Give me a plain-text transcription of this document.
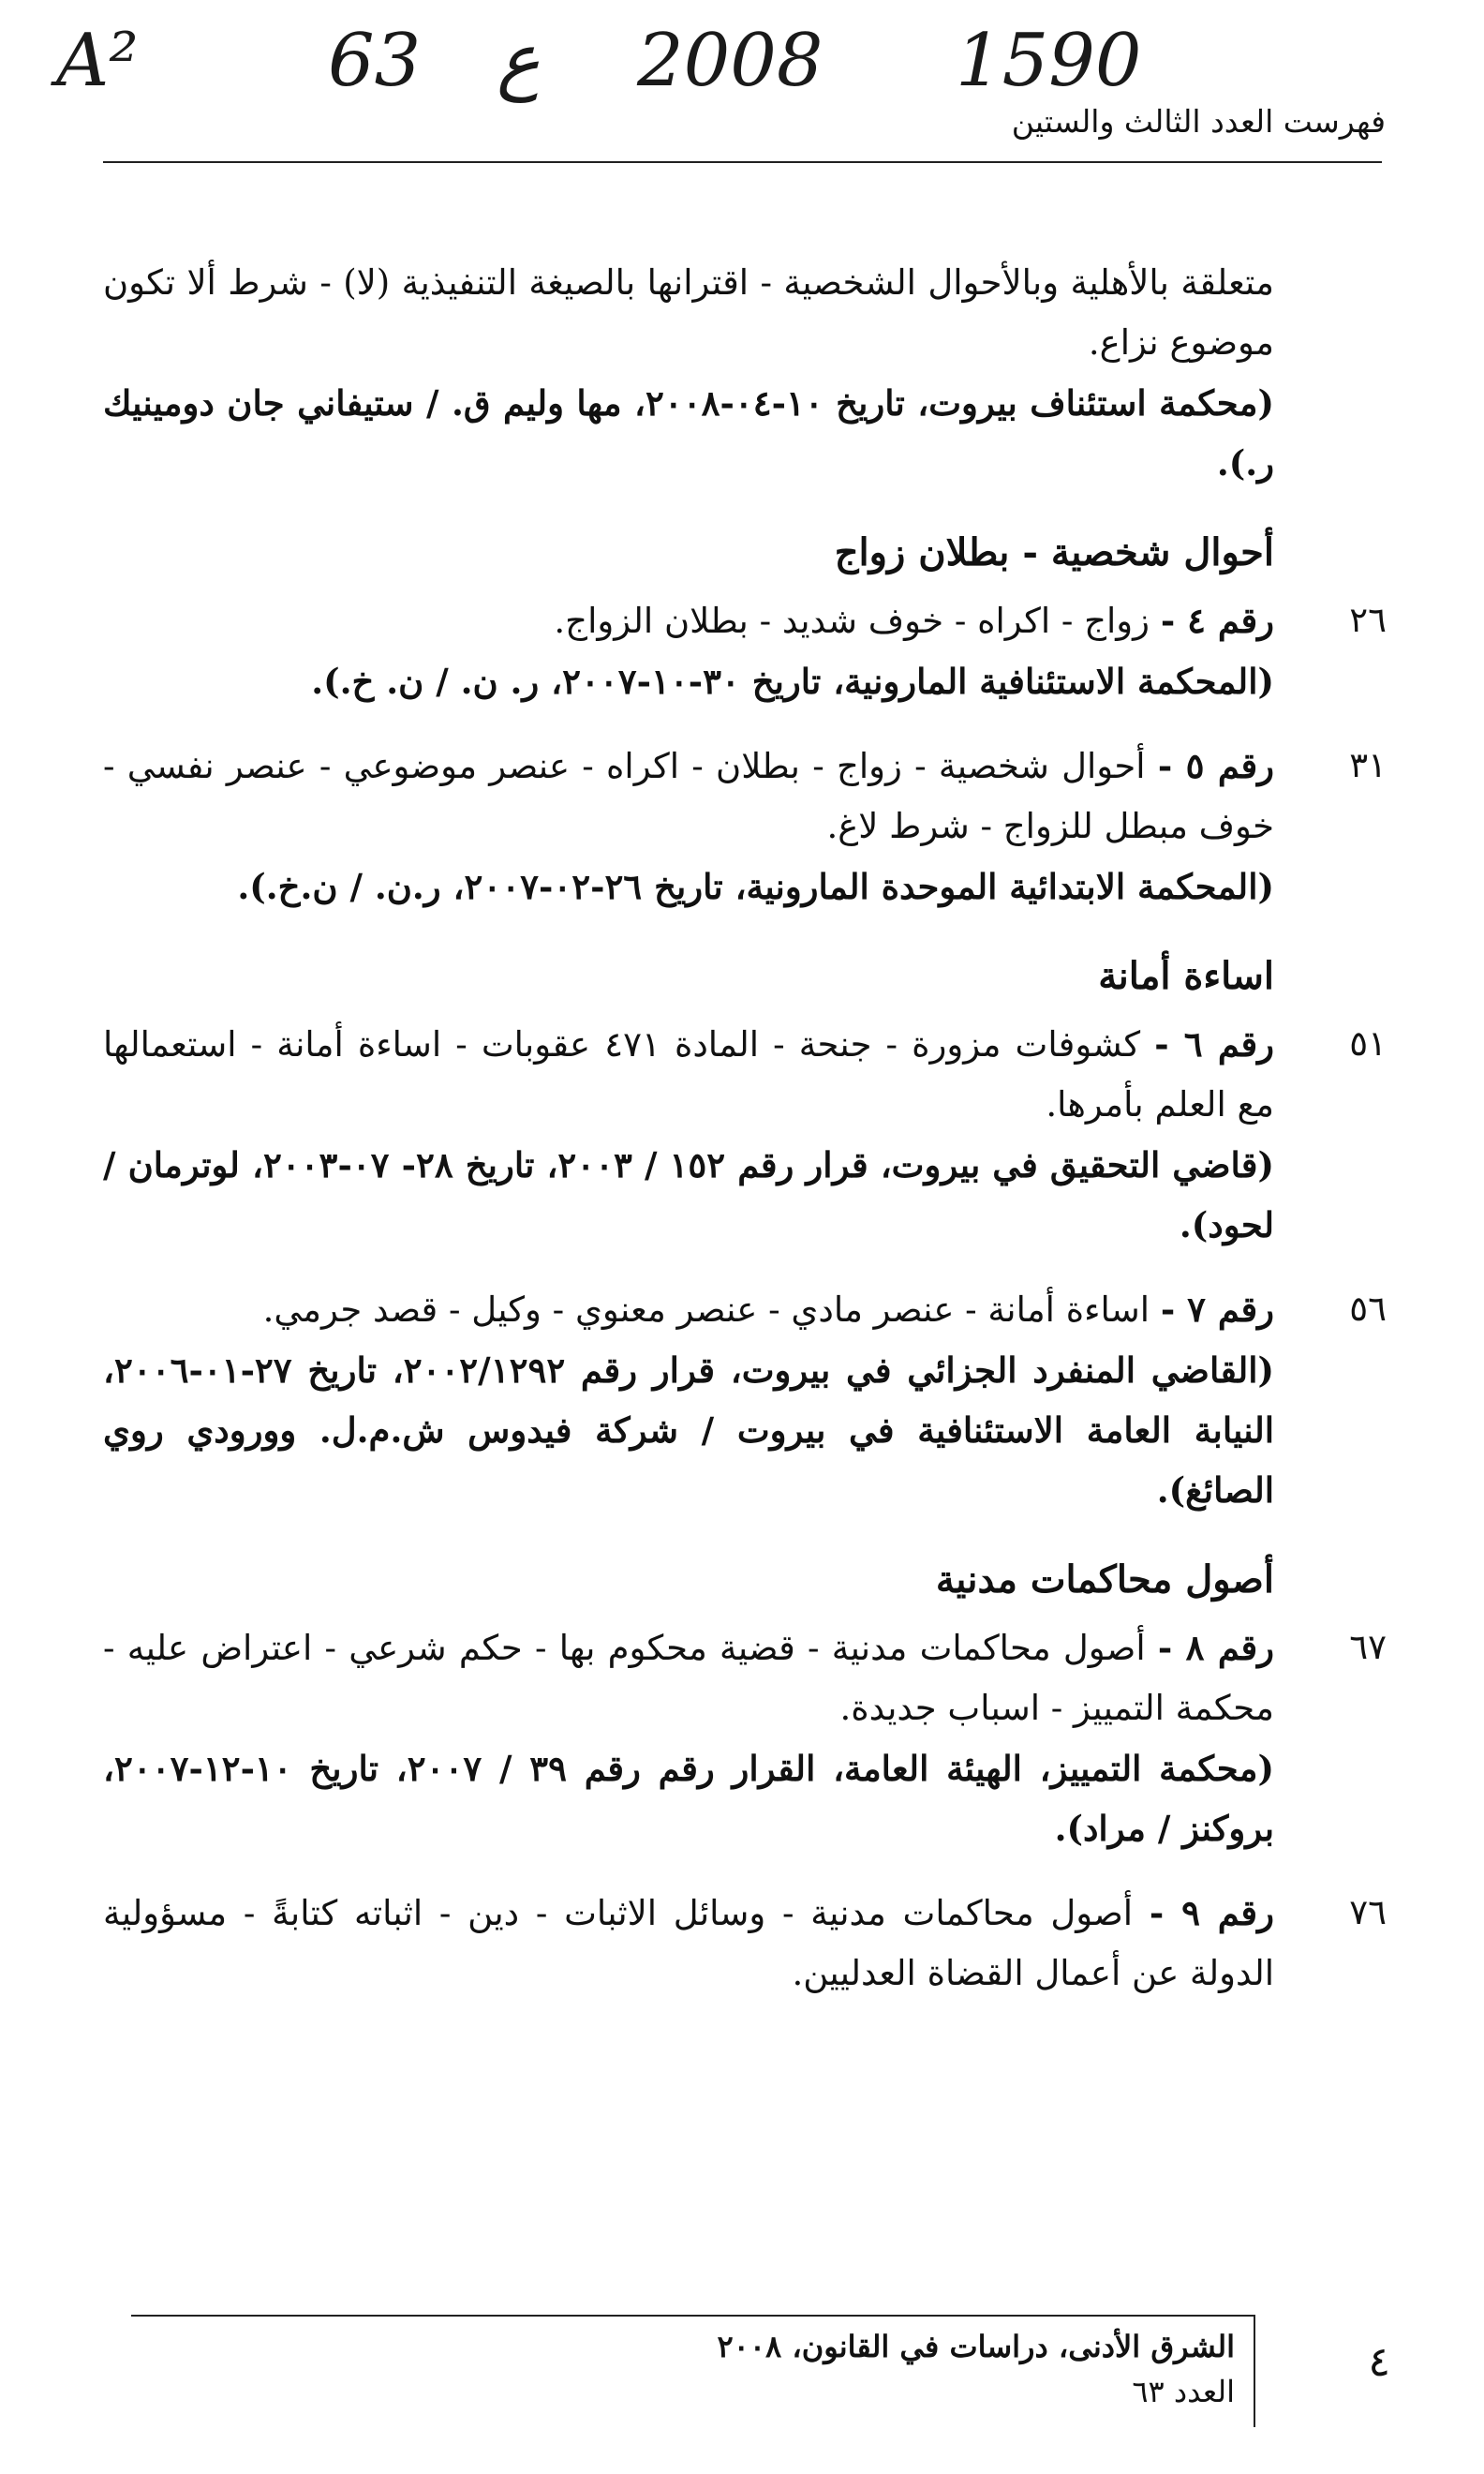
A²	63 ع 2008 1590
فهرست العدد الثالث والستين
متعلقة بالأهلية وبالأحوال الشخصية - اقترانها بالصيغة التنفيذية (لا) - شرط ألا تكون موضوع نزاع.
(محكمة استئناف بيروت، تاريخ ١٠-٠٤-٢٠٠٨، مها وليم ق. / ستيفاني جان دومينيك ر.).
أحوال شخصية - بطلان زواج
٢٦
رقم ٤ - زواج - اكراه - خوف شديد - بطلان الزواج.
(المحكمة الاستئنافية المارونية، تاريخ ٣٠-١٠-٢٠٠٧، ر. ن. / ن. خ.).
٣١
رقم ٥ - أحوال شخصية - زواج - بطلان - اكراه - عنصر موضوعي - عنصر نفسي - خوف مبطل للزواج - شرط لاغ.
(المحكمة الابتدائية الموحدة المارونية، تاريخ ٢٦-٠٢-٢٠٠٧، ر.ن. / ن.خ.).
اساءة أمانة
٥١
رقم ٦ - كشوفات مزورة - جنحة - المادة ٤٧١ عقوبات - اساءة أمانة - استعمالها مع العلم بأمرها.
(قاضي التحقيق في بيروت، قرار رقم ١٥٢ / ٢٠٠٣، تاريخ ٢٨- ٠٧-٢٠٠٣، لوترمان / لحود).
٥٦
رقم ٧ - اساءة أمانة - عنصر مادي - عنصر معنوي - وكيل - قصد جرمي.
(القاضي المنفرد الجزائي في بيروت، قرار رقم ٢٠٠٢/١٢٩٢، تاريخ ٢٧-٠١-٢٠٠٦، النيابة العامة الاستئنافية في بيروت / شركة فيدوس ش.م.ل. وورودي روي الصائغ).
أصول محاكمات مدنية
٦٧
رقم ٨ - أصول محاكمات مدنية - قضية محكوم بها - حكم شرعي - اعتراض عليه - محكمة التمييز - اسباب جديدة.
(محكمة التمييز، الهيئة العامة، القرار رقم رقم ٣٩ / ٢٠٠٧، تاريخ ١٠-١٢-٢٠٠٧، بروكنز / مراد).
٧٦
رقم ٩ - أصول محاكمات مدنية - وسائل الاثبات - دين - اثباته كتابةً - مسؤولية الدولة عن أعمال القضاة العدليين.
الشرق الأدنى، دراسات في القانون، ٢٠٠٨
العدد ٦٣
٤
